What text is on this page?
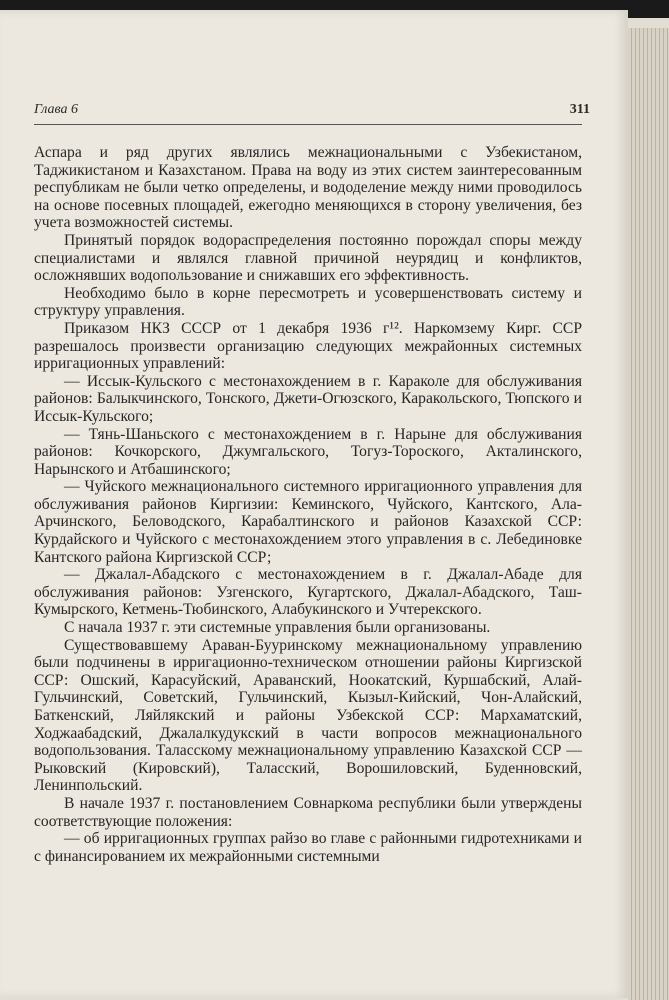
Глава 6	311

Аспара и ряд других являлись межнациональными с Узбекистаном, Таджикистаном и Казахстаном. Права на воду из этих систем заинтересованным республикам не были четко определены, и вододеление между ними проводилось на основе посевных площадей, ежегодно меняющихся в сторону увеличения, без учета возможностей системы.

Принятый порядок водораспределения постоянно порождал споры между специалистами и являлся главной причиной неурядиц и конфликтов, осложнявших водопользование и снижавших его эффективность.

Необходимо было в корне пересмотреть и усовершенствовать систему и структуру управления.

Приказом НКЗ СССР от 1 декабря 1936 г¹². Наркомзему Кирг. ССР разрешалось произвести организацию следующих межрайонных системных ирригационных управлений:

— Иссык-Кульского с местонахождением в г. Караколе для обслуживания районов: Балыкчинского, Тонского, Джети-Огюзского, Каракольского, Тюпского и Иссык-Кульского;

— Тянь-Шаньского с местонахождением в г. Нарыне для обслуживания районов: Кочкорского, Джумгальского, Тогуз-Тороского, Акталинского, Нарынского и Атбашинского;

— Чуйского межнационального системного ирригационного управления для обслуживания районов Киргизии: Кеминского, Чуйского, Кантского, Ала-Арчинского, Беловодского, Карабалтинского и районов Казахской ССР: Курдайского и Чуйского с местонахождением этого управления в с. Лебединовке Кантского района Киргизской ССР;

— Джалал-Абадского с местонахождением в г. Джалал-Абаде для обслуживания районов: Узгенского, Кугартского, Джалал-Абадского, Таш-Кумырского, Кетмень-Тюбинского, Алабукинского и Учтерекского.

С начала 1937 г. эти системные управления были организованы.

Существовавшему Араван-Бууринскому межнациональному управлению были подчинены в ирригационно-техническом отношении районы Киргизской ССР: Ошский, Карасуйский, Араванский, Ноокатский, Куршабский, Алай-Гульчинский, Советский, Гульчинский, Кызыл-Кийский, Чон-Алайский, Баткенский, Ляйлякский и районы Узбекской ССР: Мархаматский, Ходжаабадский, Джалалкудукский в части вопросов межнационального водопользования. Таласскому межнациональному управлению Казахской ССР — Рыковский (Кировский), Таласский, Ворошиловский, Буденновский, Ленинпольский.

В начале 1937 г. постановлением Совнаркома республики были утверждены соответствующие положения:

— об ирригационных группах райзо во главе с районными гидротехниками и с финансированием их межрайонными системными
